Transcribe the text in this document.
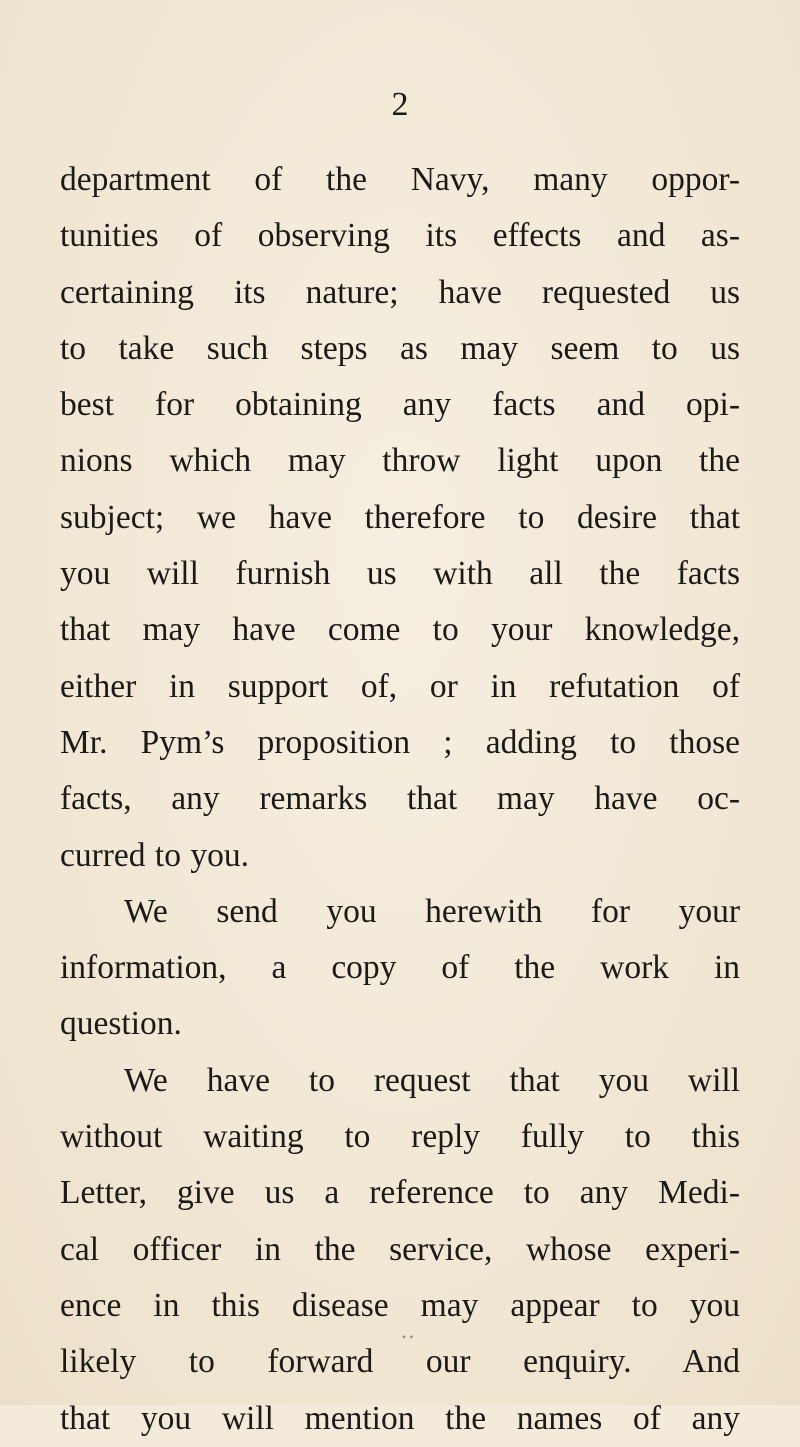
2
department of the Navy, many oppor-
tunities of observing its effects and as-
certaining its nature; have requested us
to take such steps as may seem to us
best for obtaining any facts and opi-
nions which may throw light upon the
subject; we have therefore to desire that
you will furnish us with all the facts
that may have come to your knowledge,
either in support of, or in refutation of
Mr. Pym’s proposition ; adding to those
facts, any remarks that may have oc-
curred to you.
We send you herewith for your
information, a copy of the work in
question.
We have to request that you will
without waiting to reply fully to this
Letter, give us a reference to any Medi-
cal officer in the service, whose experi-
ence in this disease may appear to you
likely to forward our enquiry. And
that you will mention the names of any
• •
